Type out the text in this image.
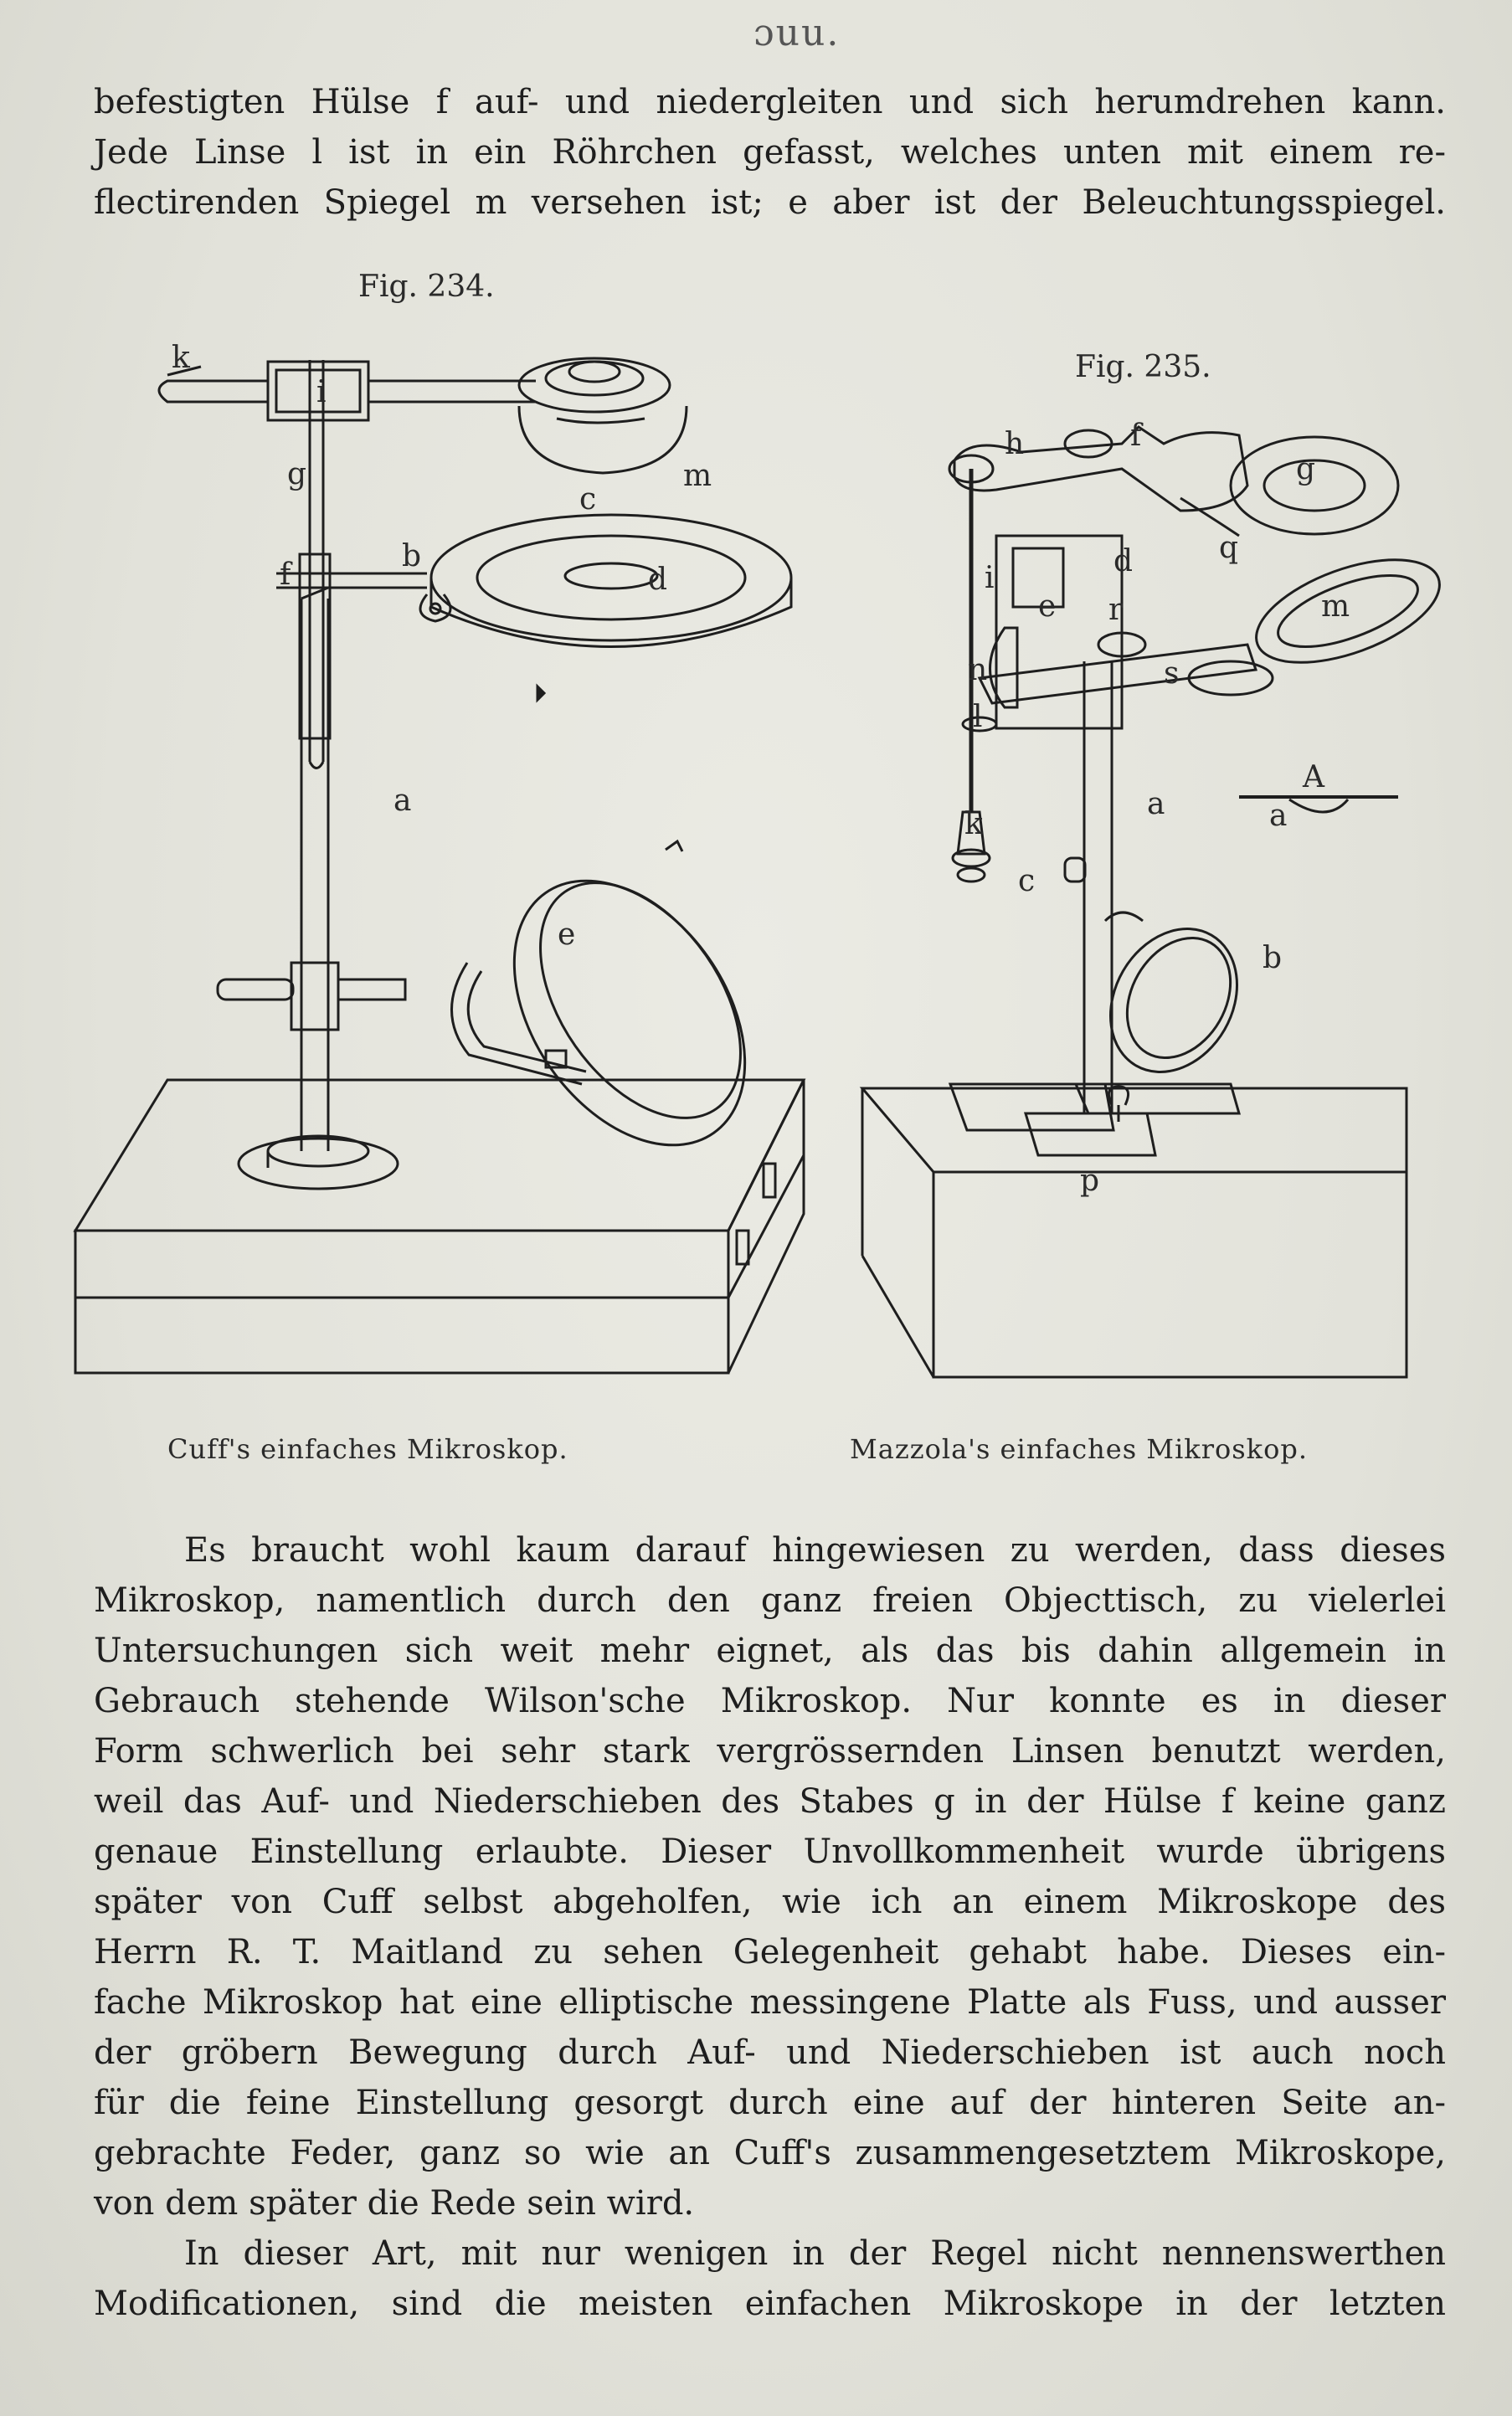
ɔuu.
befestigten Hülse f auf- und niedergleiten und sich herumdrehen kann.
Jede Linse l ist in ein Röhrchen gefasst, welches unten mit einem re-
flectirenden Spiegel m versehen ist; e aber ist der Beleuchtungsspiegel.
Fig. 234.
Fig. 235.
k
i
g
c
m
f
b
d
a
e
h	f
g
d	q
i
e r	m
n	s
l
a
A
a
k
c
b
p
Cuff's einfaches Mikroskop.	Mazzola's einfaches Mikroskop.
Es braucht wohl kaum darauf hingewiesen zu werden, dass dieses
Mikroskop, namentlich durch den ganz freien Objecttisch, zu vielerlei
Untersuchungen sich weit mehr eignet, als das bis dahin allgemein in
Gebrauch stehende Wilson'sche Mikroskop. Nur konnte es in dieser
Form schwerlich bei sehr stark vergrössernden Linsen benutzt werden,
weil das Auf- und Niederschieben des Stabes g in der Hülse f keine ganz
genaue Einstellung erlaubte. Dieser Unvollkommenheit wurde übrigens
später von Cuff selbst abgeholfen, wie ich an einem Mikroskope des
Herrn R. T. Maitland zu sehen Gelegenheit gehabt habe. Dieses ein-
fache Mikroskop hat eine elliptische messingene Platte als Fuss, und ausser
der gröbern Bewegung durch Auf- und Niederschieben ist auch noch
für die feine Einstellung gesorgt durch eine auf der hinteren Seite an-
gebrachte Feder, ganz so wie an Cuff's zusammengesetztem Mikroskope,
von dem später die Rede sein wird.
In dieser Art, mit nur wenigen in der Regel nicht nennenswerthen
Modificationen, sind die meisten einfachen Mikroskope in der letzten
